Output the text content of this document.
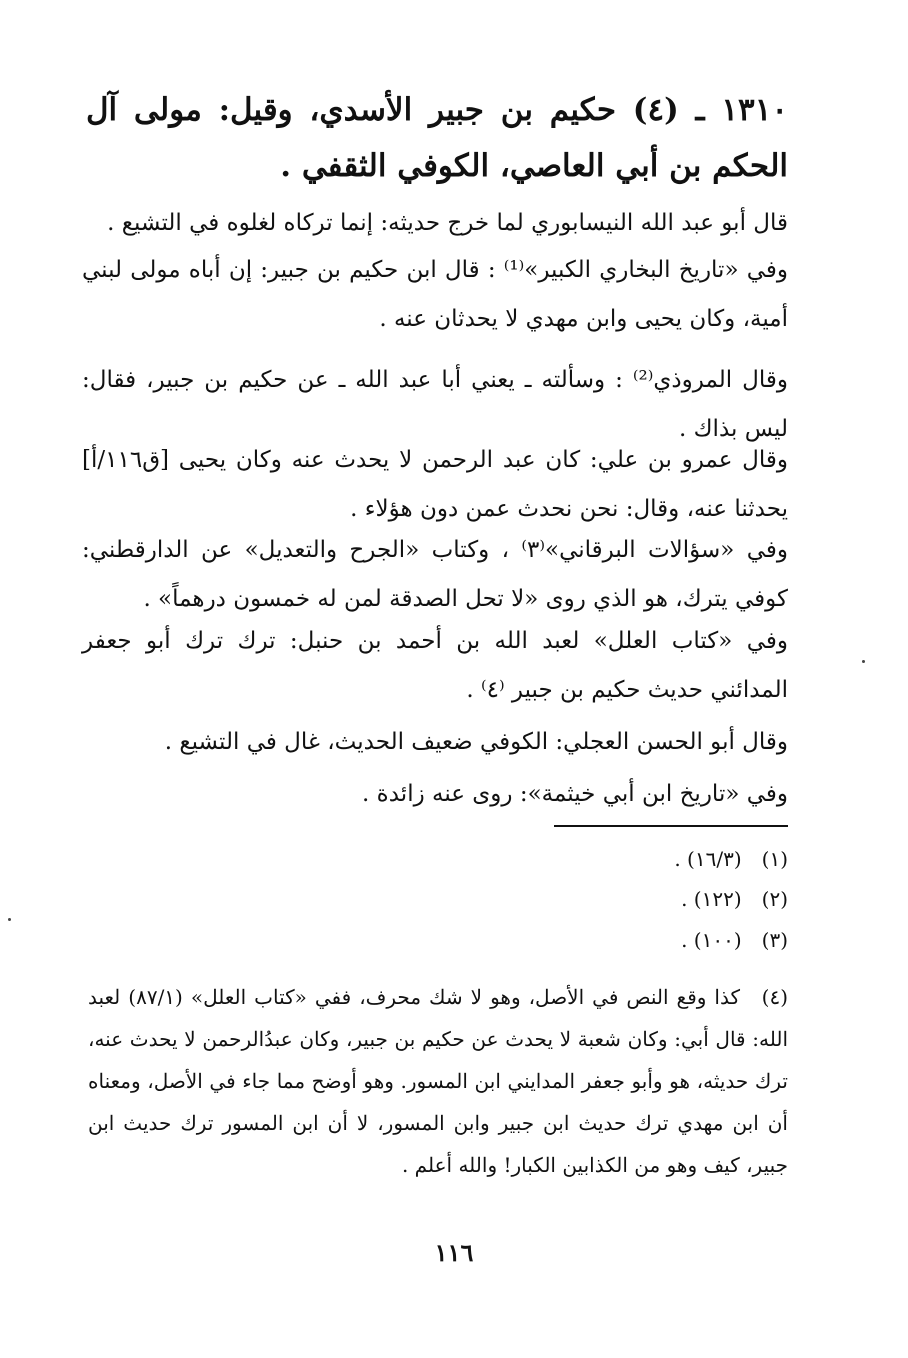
١٣١٠ ـ (٤) حكيم بن جبير الأسدي، وقيل: مولى آل الحكم بن أبي العاصي، الكوفي الثقفي .
قال أبو عبد الله النيسابوري لما خرج حديثه: إنما تركاه لغلوه في التشيع .
وفي «تاريخ البخاري الكبير»⁽¹⁾ : قال ابن حكيم بن جبير: إن أباه مولى لبني أمية، وكان يحيى وابن مهدي لا يحدثان عنه .
وقال المروذي⁽²⁾ : وسألته ـ يعني أبا عبد الله ـ عن حكيم بن جبير، فقال: ليس بذاك .
وقال عمرو بن علي: كان عبد الرحمن لا يحدث عنه وكان يحيى [ق١١٦/أ] يحدثنا عنه، وقال: نحن نحدث عمن دون هؤلاء .
وفي «سؤالات البرقاني»⁽٣⁾ ، وكتاب «الجرح والتعديل» عن الدارقطني: كوفي يترك، هو الذي روى «لا تحل الصدقة لمن له خمسون درهماً» .
وفي «كتاب العلل» لعبد الله بن أحمد بن حنبل: ترك ترك أبو جعفر المدائني حديث حكيم بن جبير ⁽٤⁾ .
وقال أبو الحسن العجلي: الكوفي ضعيف الحديث، غال في التشيع .
وفي «تاريخ ابن أبي خيثمة»: روى عنه زائدة .
(١) (١٦/٣) .
(٢) (١٢٢) .
(٣) (١٠٠) .
(٤) كذا وقع النص في الأصل، وهو لا شك محرف، ففي «كتاب العلل» (٨٧/١) لعبد الله: قال أبي: وكان شعبة لا يحدث عن حكيم بن جبير، وكان عبدُالرحمن لا يحدث عنه، ترك حديثه، هو وأبو جعفر المدايني ابن المسور. وهو أوضح مما جاء في الأصل، ومعناه أن ابن مهدي ترك حديث ابن جبير وابن المسور، لا أن ابن المسور ترك حديث ابن جبير، كيف وهو من الكذابين الكبار! والله أعلم .
١١٦
